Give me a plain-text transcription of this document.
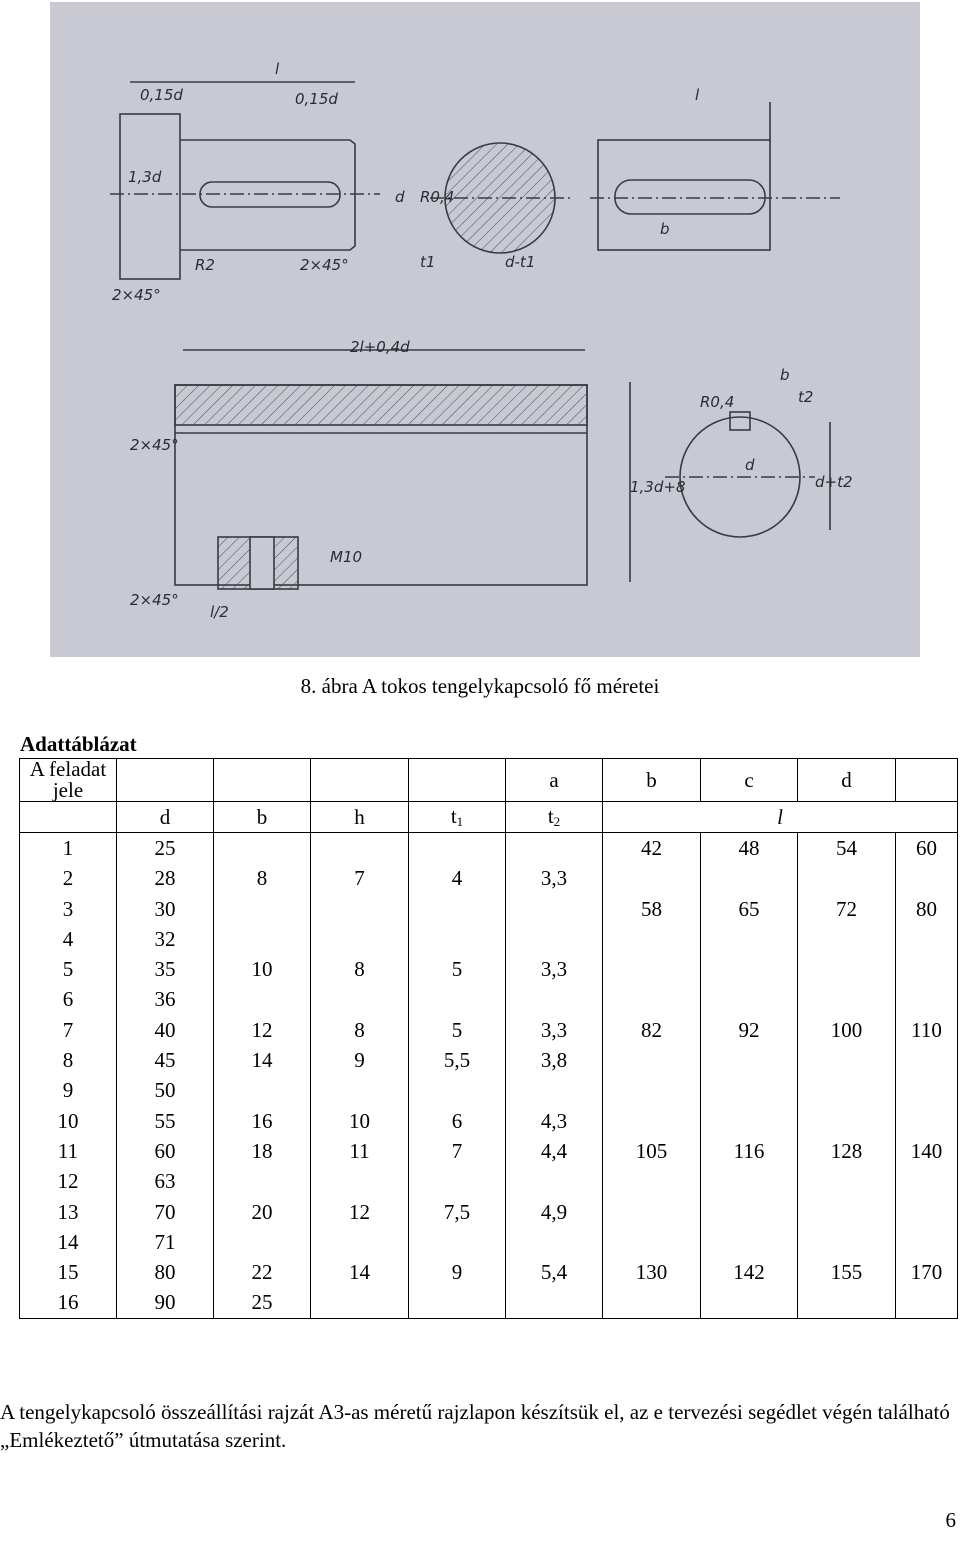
l
0,15d	0,15d
1,3d
d R0,4
t1	d-t1
R2	2×45°
2×45°
l
b
2l+0,4d
2×45°
1,3d+8
b
t2
R0,4
d
d+t2
M10
2×45°
l/2
8. ábra A tokos tengelykapcsoló fő méretei
Adattáblázat
A feladat jele					a	b	c	d	
	d	b	h	$t_1$	$t_2$	l			
1	25					42	48	54	60
2	28	8	7	4	3,3				
3	30					58	65	72	80
4	32								
5	35	10	8	5	3,3				
6	36								
7	40	12	8	5	3,3	82	92	100	110
8	45	14	9	5,5	3,8				
9	50								
10	55	16	10	6	4,3				
11	60	18	11	7	4,4	105	116	128	140
12	63								
13	70	20	12	7,5	4,9				
14	71								
15	80	22	14	9	5,4	130	142	155	170
16	90	25							
A tengelykapcsoló összeállítási rajzát A3-as méretű rajzlapon készítsük el, az e tervezési segédlet végén található „Emlékeztető” útmutatása szerint.
6
